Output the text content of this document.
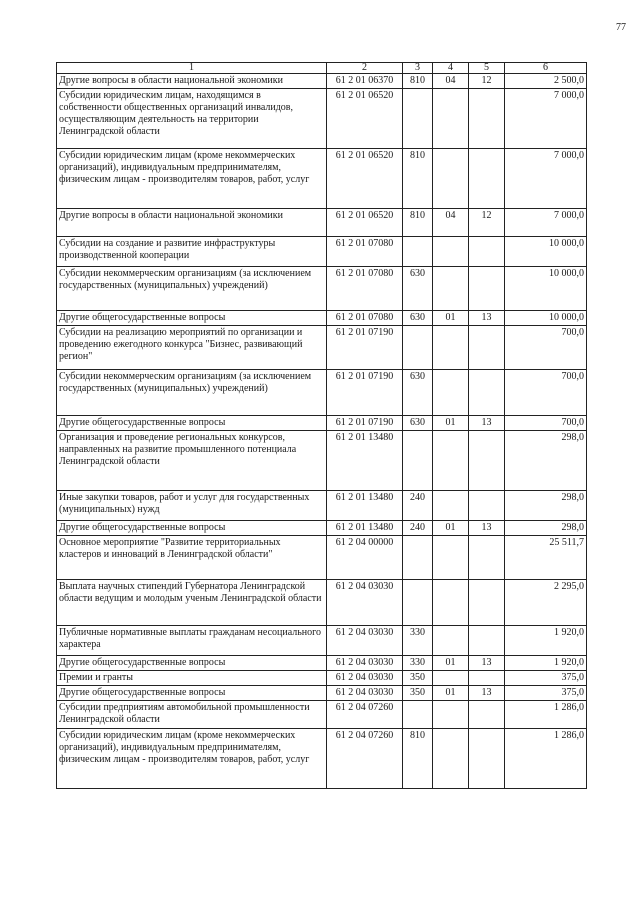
77
1	2	3	4	5	6
Другие вопросы в области национальной экономики	61 2 01 06370	810	04	12	2 500,0
Субсидии юридическим лицам, находящимся в собственности общественных организаций инвалидов, осуществляющим деятельность на территории Ленинградской области	61 2 01 06520				7 000,0
Субсидии юридическим лицам (кроме некоммерческих организаций), индивидуальным предпринимателям, физическим лицам - производителям товаров, работ, услуг	61 2 01 06520	810			7 000,0
Другие вопросы в области национальной экономики	61 2 01 06520	810	04	12	7 000,0
Субсидии на создание и развитие инфраструктуры производственной кооперации	61 2 01 07080				10 000,0
Субсидии некоммерческим организациям (за исключением государственных (муниципальных) учреждений)	61 2 01 07080	630			10 000,0
Другие общегосударственные вопросы	61 2 01 07080	630	01	13	10 000,0
Субсидии на реализацию мероприятий по организации и проведению ежегодного конкурса "Бизнес, развивающий регион"	61 2 01 07190				700,0
Субсидии некоммерческим организациям (за исключением государственных (муниципальных) учреждений)	61 2 01 07190	630			700,0
Другие общегосударственные вопросы	61 2 01 07190	630	01	13	700,0
Организация и проведение региональных конкурсов, направленных на развитие промышленного потенциала Ленинградской области	61 2 01 13480				298,0
Иные закупки товаров, работ и услуг для государственных (муниципальных) нужд	61 2 01 13480	240			298,0
Другие общегосударственные вопросы	61 2 01 13480	240	01	13	298,0
Основное мероприятие "Развитие территориальных кластеров и инноваций в Ленинградской области"	61 2 04 00000				25 511,7
Выплата научных стипендий Губернатора Ленинградской области ведущим и молодым ученым Ленинградской области	61 2 04 03030				2 295,0
Публичные нормативные выплаты гражданам несоциального характера	61 2 04 03030	330			1 920,0
Другие общегосударственные вопросы	61 2 04 03030	330	01	13	1 920,0
Премии и гранты	61 2 04 03030	350			375,0
Другие общегосударственные вопросы	61 2 04 03030	350	01	13	375,0
Субсидии предприятиям автомобильной промышленности Ленинградской области	61 2 04 07260				1 286,0
Субсидии юридическим лицам (кроме некоммерческих организаций), индивидуальным предпринимателям, физическим лицам - производителям товаров, работ, услуг	61 2 04 07260	810			1 286,0
